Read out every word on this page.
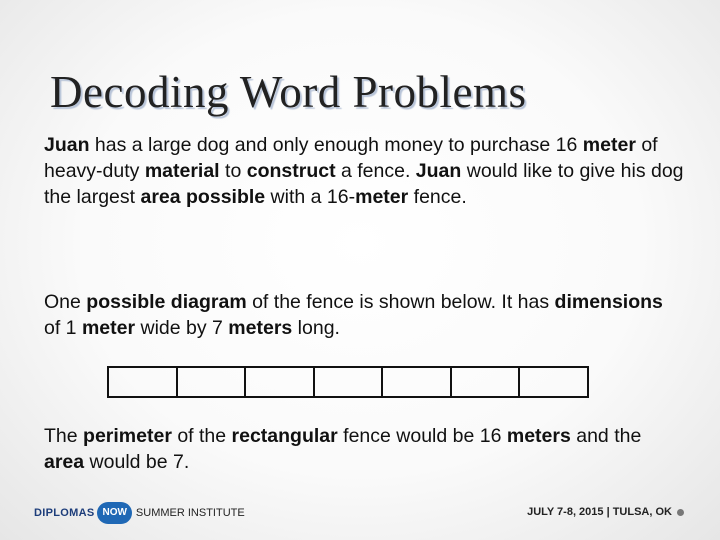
Decoding Word Problems

Juan has a large dog and only enough money to purchase 16 meter of heavy-duty material to construct a fence. Juan would like to give his dog the largest area possible with a 16-meter fence.

One possible diagram of the fence is shown below. It has dimensions of 1 meter wide by 7 meters long.

The perimeter of the rectangular fence would be 16 meters and the area would be 7.

DIPLOMAS NOW SUMMER INSTITUTE	JULY 7-8, 2015 | TULSA, OK
